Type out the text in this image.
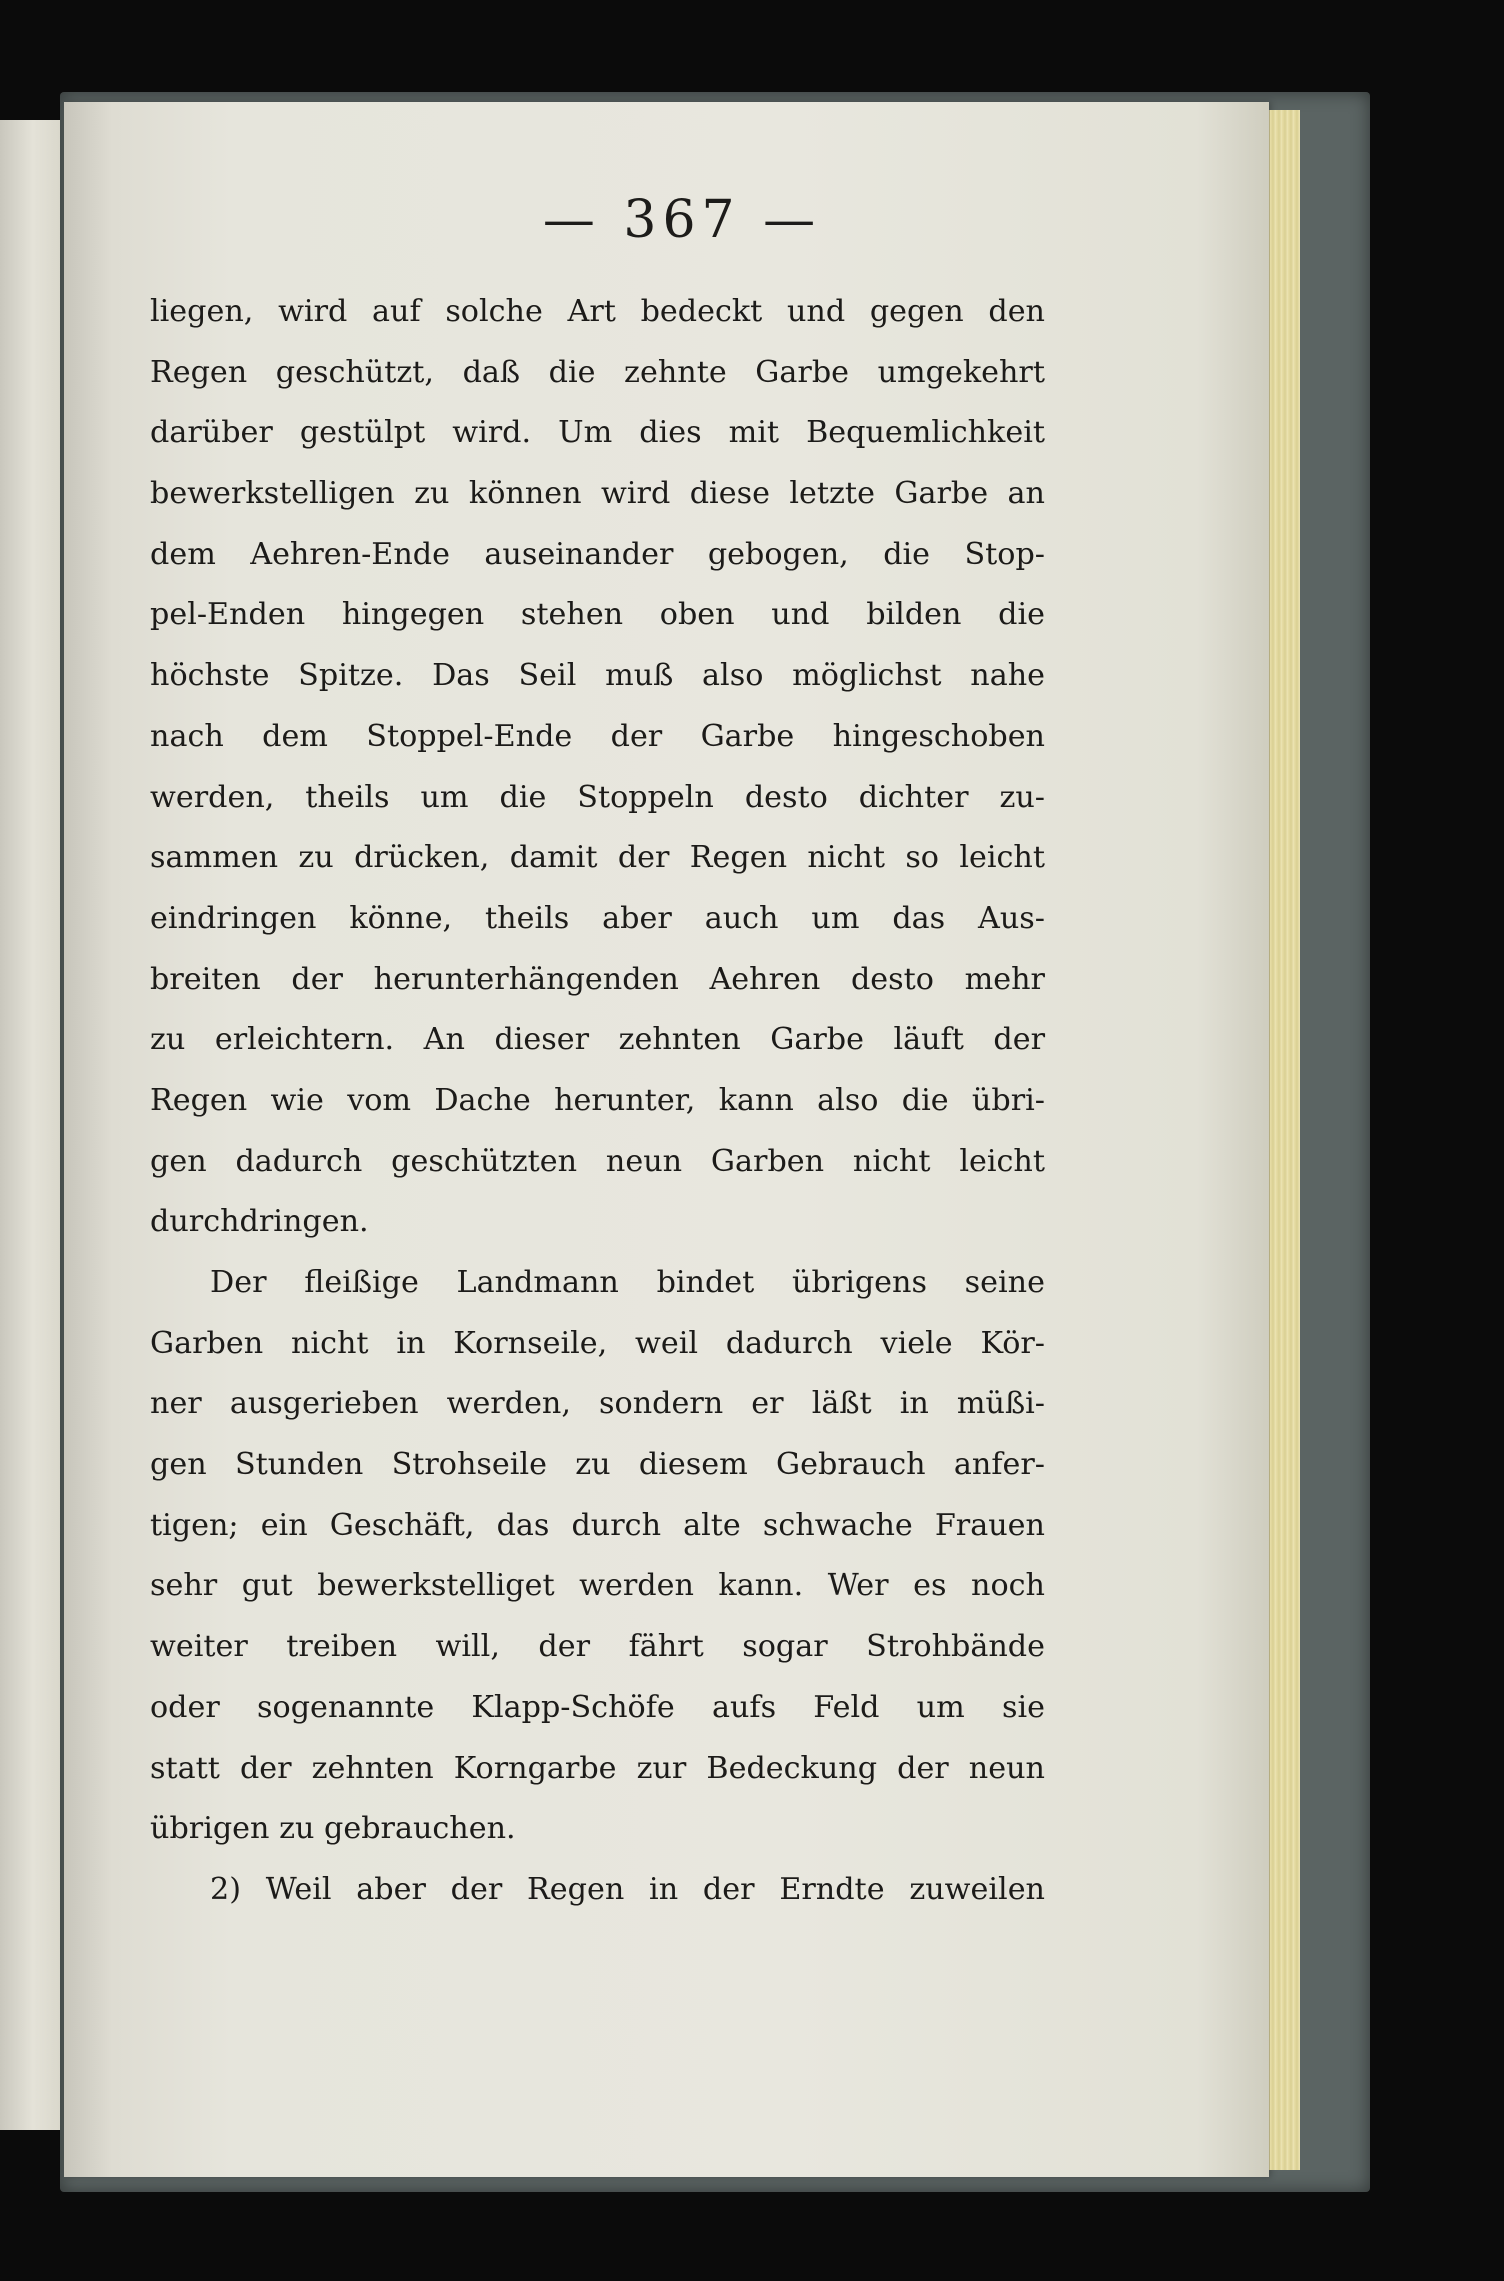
— 367 —
liegen, wird auf solche Art bedeckt und gegen den
Regen geschützt, daß die zehnte Garbe umgekehrt
darüber gestülpt wird. Um dies mit Bequemlichkeit
bewerkstelligen zu können wird diese letzte Garbe an
dem Aehren-Ende auseinander gebogen, die Stop-
pel-Enden hingegen stehen oben und bilden die
höchste Spitze. Das Seil muß also möglichst nahe
nach dem Stoppel-Ende der Garbe hingeschoben
werden, theils um die Stoppeln desto dichter zu-
sammen zu drücken, damit der Regen nicht so leicht
eindringen könne, theils aber auch um das Aus-
breiten der herunterhängenden Aehren desto mehr
zu erleichtern. An dieser zehnten Garbe läuft der
Regen wie vom Dache herunter, kann also die übri-
gen dadurch geschützten neun Garben nicht leicht
durchdringen.
Der fleißige Landmann bindet übrigens seine
Garben nicht in Kornseile, weil dadurch viele Kör-
ner ausgerieben werden, sondern er läßt in müßi-
gen Stunden Strohseile zu diesem Gebrauch anfer-
tigen; ein Geschäft, das durch alte schwache Frauen
sehr gut bewerkstelliget werden kann. Wer es noch
weiter treiben will, der fährt sogar Strohbände
oder sogenannte Klapp-Schöfe aufs Feld um sie
statt der zehnten Korngarbe zur Bedeckung der neun
übrigen zu gebrauchen.
2) Weil aber der Regen in der Erndte zuweilen
